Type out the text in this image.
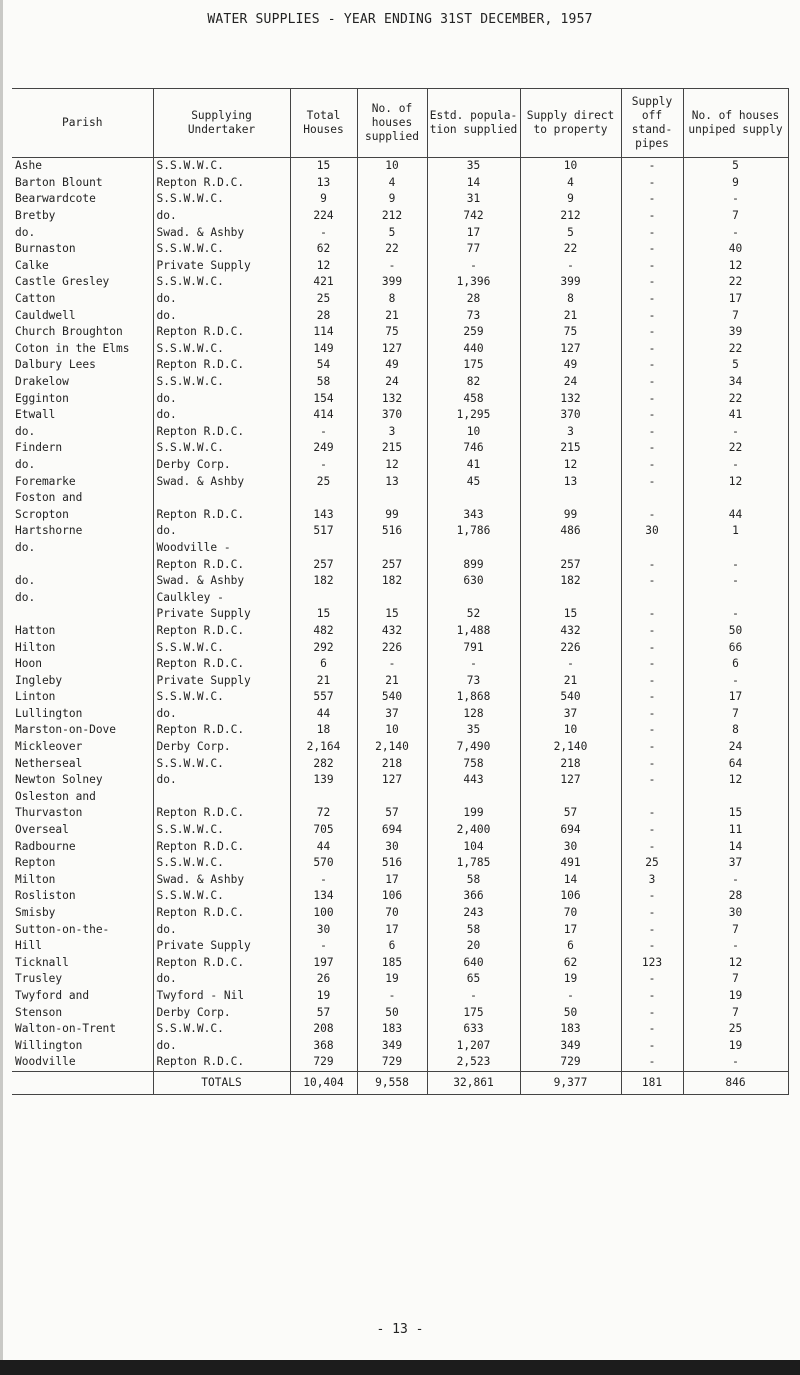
WATER SUPPLIES - YEAR ENDING 31ST DECEMBER, 1957
Parish	Supplying Undertaker	Total Houses	No. of houses supplied	Estd. popula- tion supplied	Supply direct to property	Supply off stand- pipes	No. of houses unpiped supply
Ashe	S.S.W.W.C.	15	10	35	10	-	5
Barton Blount	Repton R.D.C.	13	4	14	4	-	9
Bearwardcote	S.S.W.W.C.	9	9	31	9	-	-
Bretby	do.	224	212	742	212	-	7
do.	Swad. & Ashby	-	5	17	5	-	-
Burnaston	S.S.W.W.C.	62	22	77	22	-	40
Calke	Private Supply	12	-	-	-	-	12
Castle Gresley	S.S.W.W.C.	421	399	1,396	399	-	22
Catton	do.	25	8	28	8	-	17
Cauldwell	do.	28	21	73	21	-	7
Church Broughton	Repton R.D.C.	114	75	259	75	-	39
Coton in the Elms	S.S.W.W.C.	149	127	440	127	-	22
Dalbury Lees	Repton R.D.C.	54	49	175	49	-	5
Drakelow	S.S.W.W.C.	58	24	82	24	-	34
Egginton	do.	154	132	458	132	-	22
Etwall	do.	414	370	1,295	370	-	41
do.	Repton R.D.C.	-	3	10	3	-	-
Findern	S.S.W.W.C.	249	215	746	215	-	22
do.	Derby Corp.	-	12	41	12	-	-
Foremarke	Swad. & Ashby	25	13	45	13	-	12
Foston and							
Scropton	Repton R.D.C.	143	99	343	99	-	44
Hartshorne	do.	517	516	1,786	486	30	1
do.	Woodville -						
	Repton R.D.C.	257	257	899	257	-	-
do.	Swad. & Ashby	182	182	630	182	-	-
do.	Caulkley -						
	Private Supply	15	15	52	15	-	-
Hatton	Repton R.D.C.	482	432	1,488	432	-	50
Hilton	S.S.W.W.C.	292	226	791	226	-	66
Hoon	Repton R.D.C.	6	-	-	-	-	6
Ingleby	Private Supply	21	21	73	21	-	-
Linton	S.S.W.W.C.	557	540	1,868	540	-	17
Lullington	do.	44	37	128	37	-	7
Marston-on-Dove	Repton R.D.C.	18	10	35	10	-	8
Mickleover	Derby Corp.	2,164	2,140	7,490	2,140	-	24
Netherseal	S.S.W.W.C.	282	218	758	218	-	64
Newton Solney	do.	139	127	443	127	-	12
Osleston and							
Thurvaston	Repton R.D.C.	72	57	199	57	-	15
Overseal	S.S.W.W.C.	705	694	2,400	694	-	11
Radbourne	Repton R.D.C.	44	30	104	30	-	14
Repton	S.S.W.W.C.	570	516	1,785	491	25	37
Milton	Swad. & Ashby	-	17	58	14	3	-
Rosliston	S.S.W.W.C.	134	106	366	106	-	28
Smisby	Repton R.D.C.	100	70	243	70	-	30
Sutton-on-the-	do.	30	17	58	17	-	7
Hill	Private Supply	-	6	20	6	-	-
Ticknall	Repton R.D.C.	197	185	640	62	123	12
Trusley	do.	26	19	65	19	-	7
Twyford and	Twyford - Nil	19	-	-	-	-	19
Stenson	Derby Corp.	57	50	175	50	-	7
Walton-on-Trent	S.S.W.W.C.	208	183	633	183	-	25
Willington	do.	368	349	1,207	349	-	19
Woodville	Repton R.D.C.	729	729	2,523	729	-	-
	TOTALS	10,404	9,558	32,861	9,377	181	846
- 13 -
